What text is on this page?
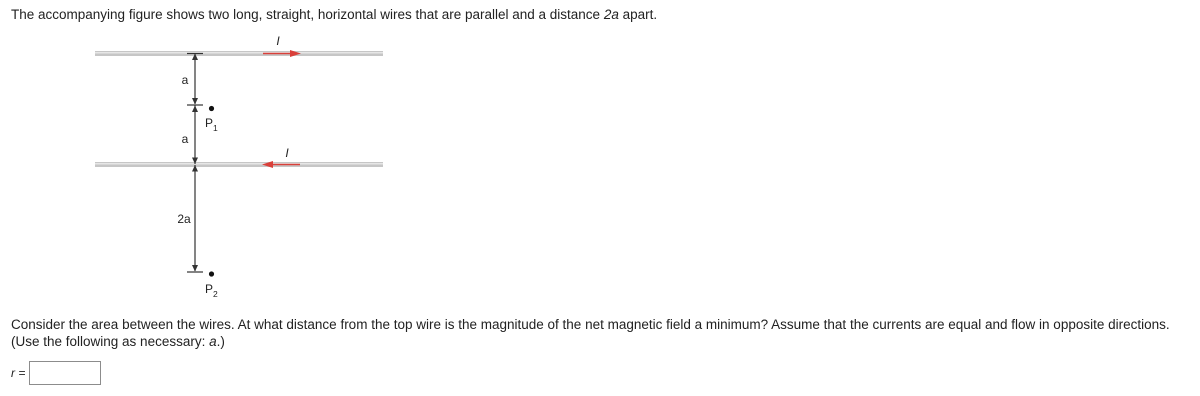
The accompanying figure shows two long, straight, horizontal wires that are parallel and a distance 2a apart.
I
I
a
a
2a
$P_1$
$P_2$
Consider the area between the wires. At what distance from the top wire is the magnitude of the net magnetic field a minimum? Assume that the currents are equal and flow in opposite directions. (Use the following as necessary: a.)
r =
